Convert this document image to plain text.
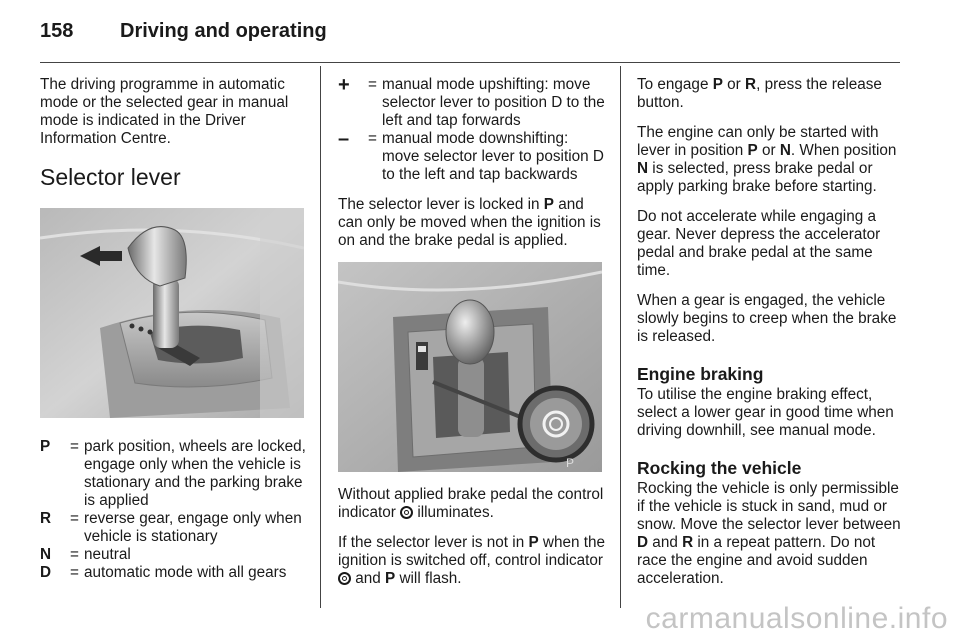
158 Driving and operating

The driving programme in automatic mode or the selected gear in manual mode is indicated in the Driver Information Centre.

Selector lever
P	= park position, wheels are locked, engage only when the vehicle is stationary and the parking brake is applied
R	= reverse gear, engage only when vehicle is stationary
N	= neutral
D	= automatic mode with all gears
+	= manual mode upshifting: move selector lever to position D to the left and tap forwards
–	= manual mode downshifting: move selector lever to position D to the left and tap backwards

The selector lever is locked in P and can only be moved when the ignition is on and the brake pedal is applied.

P

Without applied brake pedal the control indicator  illuminates.

If the selector lever is not in P when the ignition is switched off, control indicator  and P will flash.

To engage P or R, press the release button.

The engine can only be started with lever in position P or N. When position N is selected, press brake pedal or apply parking brake before starting.

Do not accelerate while engaging a gear. Never depress the accelerator pedal and brake pedal at the same time.

When a gear is engaged, the vehicle slowly begins to creep when the brake is released.

Engine braking

To utilise the engine braking effect, select a lower gear in good time when driving downhill, see manual mode.

Rocking the vehicle

Rocking the vehicle is only permissible if the vehicle is stuck in sand, mud or snow. Move the selector lever between D and R in a repeat pattern. Do not race the engine and avoid sudden acceleration.

carmanualsonline.info
